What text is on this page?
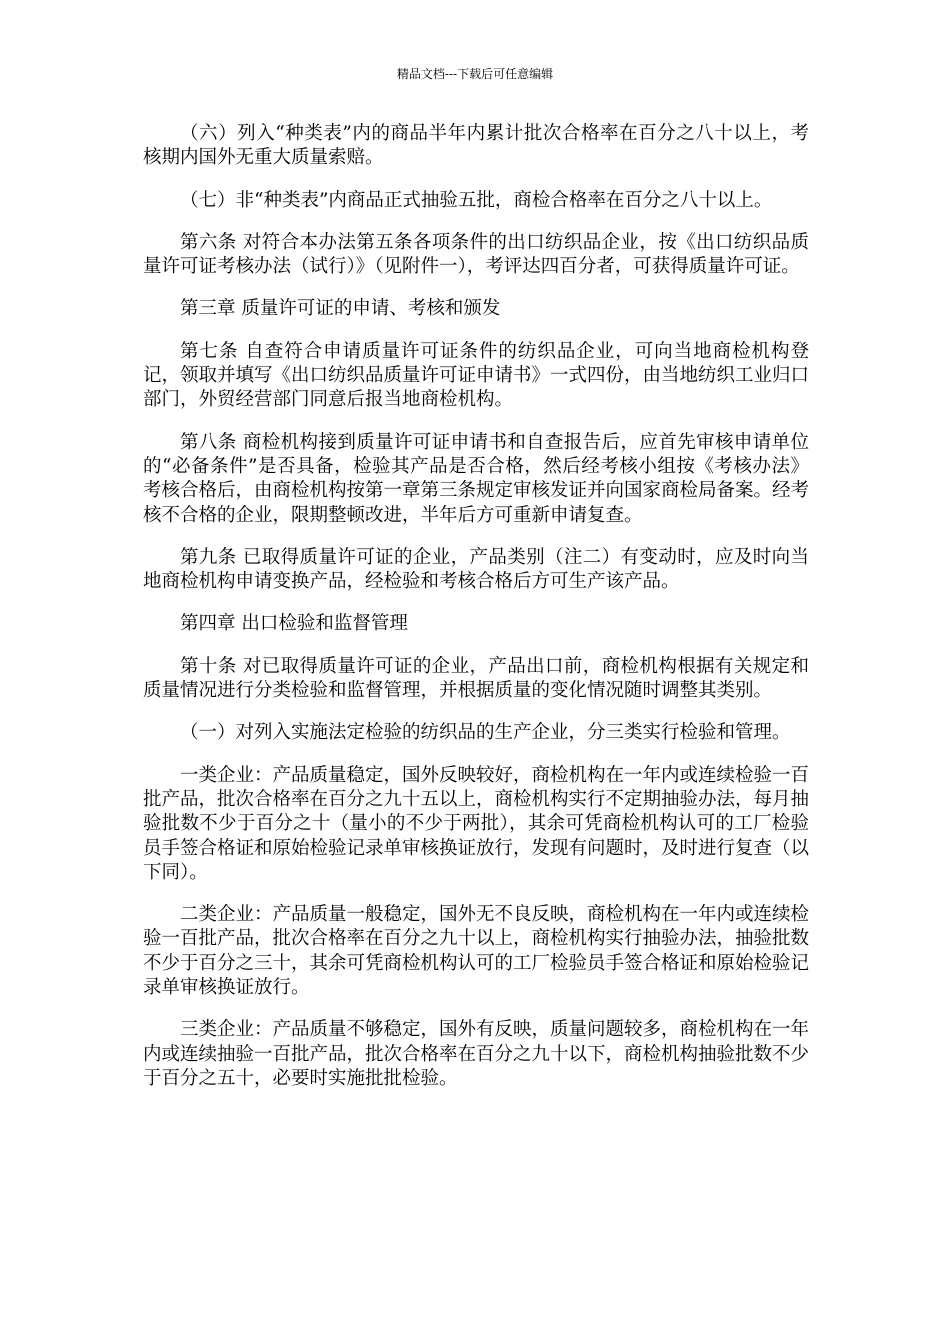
精品文档---下载后可任意编辑

（六）列入“种类表”内的商品半年内累计批次合格率在百分之八十以上，考核期内国外无重大质量索赔。

（七）非“种类表”内商品正式抽验五批，商检合格率在百分之八十以上。

第六条 对符合本办法第五条各项条件的出口纺织品企业，按《出口纺织品质量许可证考核办法（试行）》（见附件一），考评达四百分者，可获得质量许可证。

第三章 质量许可证的申请、考核和颁发

第七条 自查符合申请质量许可证条件的纺织品企业，可向当地商检机构登记，领取并填写《出口纺织品质量许可证申请书》一式四份，由当地纺织工业归口部门，外贸经营部门同意后报当地商检机构。

第八条 商检机构接到质量许可证申请书和自查报告后，应首先审核申请单位的“必备条件”是否具备，检验其产品是否合格，然后经考核小组按《考核办法》考核合格后，由商检机构按第一章第三条规定审核发证并向国家商检局备案。经考核不合格的企业，限期整顿改进，半年后方可重新申请复查。

第九条 已取得质量许可证的企业，产品类别（注二）有变动时，应及时向当地商检机构申请变换产品，经检验和考核合格后方可生产该产品。

第四章 出口检验和监督管理

第十条 对已取得质量许可证的企业，产品出口前，商检机构根据有关规定和质量情况进行分类检验和监督管理，并根据质量的变化情况随时调整其类别。

（一）对列入实施法定检验的纺织品的生产企业，分三类实行检验和管理。

一类企业：产品质量稳定，国外反映较好，商检机构在一年内或连续检验一百批产品，批次合格率在百分之九十五以上，商检机构实行不定期抽验办法，每月抽验批数不少于百分之十（量小的不少于两批），其余可凭商检机构认可的工厂检验员手签合格证和原始检验记录单审核换证放行，发现有问题时，及时进行复查（以下同）。

二类企业：产品质量一般稳定，国外无不良反映，商检机构在一年内或连续检验一百批产品，批次合格率在百分之九十以上，商检机构实行抽验办法，抽验批数不少于百分之三十，其余可凭商检机构认可的工厂检验员手签合格证和原始检验记录单审核换证放行。

三类企业：产品质量不够稳定，国外有反映，质量问题较多，商检机构在一年内或连续抽验一百批产品，批次合格率在百分之九十以下，商检机构抽验批数不少于百分之五十，必要时实施批批检验。
